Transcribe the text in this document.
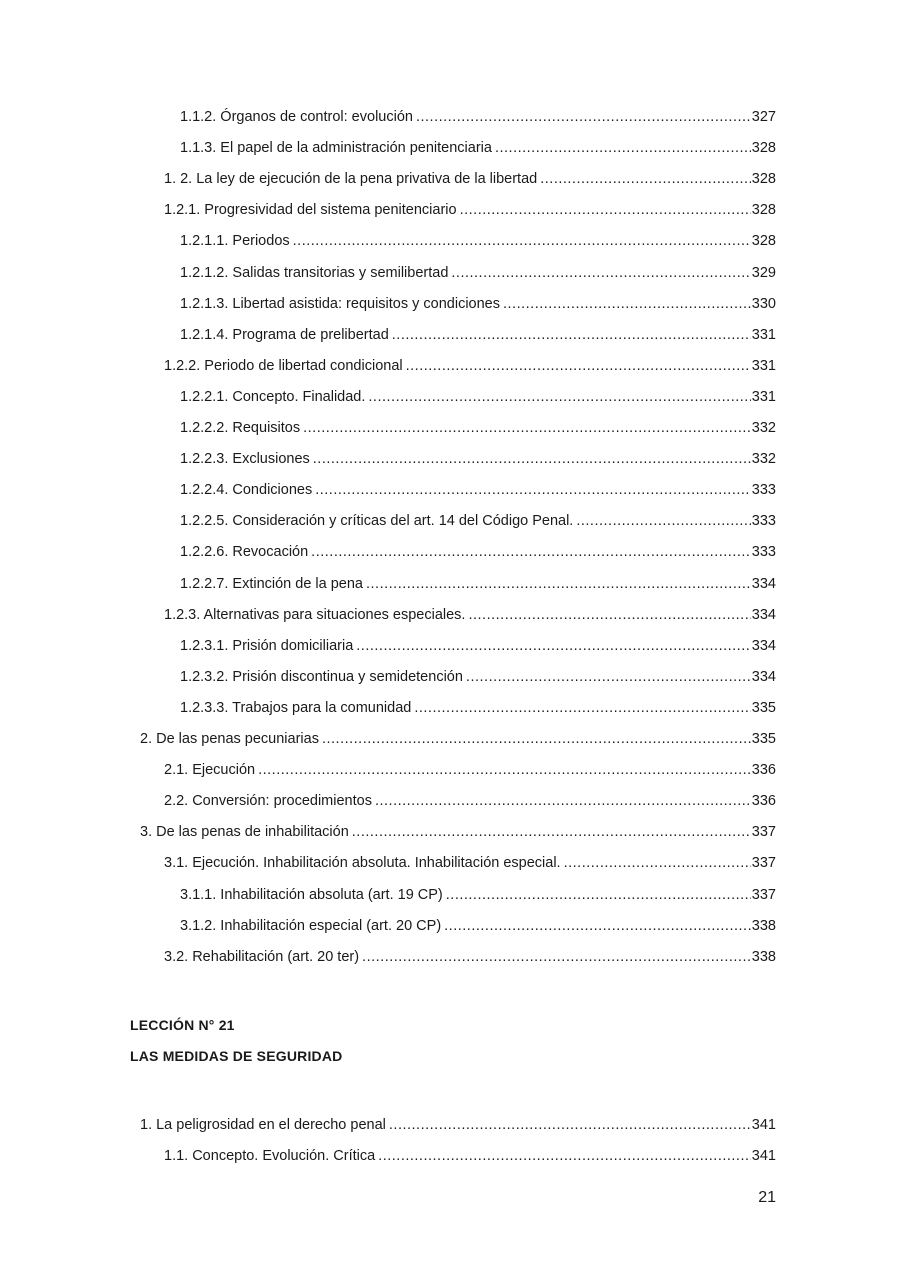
1.1.2. Órganos de control: evolución .....	327
1.1.3. El papel de la administración penitenciaria .....	328
1. 2. La ley de ejecución de la pena privativa de la libertad .....	328
1.2.1. Progresividad del sistema penitenciario .....	328
1.2.1.1. Periodos .....	328
1.2.1.2. Salidas transitorias y semilibertad .....	329
1.2.1.3. Libertad asistida: requisitos y condiciones .....	330
1.2.1.4. Programa de prelibertad .....	331
1.2.2. Periodo de libertad condicional .....	331
1.2.2.1. Concepto. Finalidad. .....	331
1.2.2.2. Requisitos .....	332
1.2.2.3. Exclusiones .....	332
1.2.2.4. Condiciones .....	333
1.2.2.5. Consideración y críticas del art. 14 del Código Penal. .....	333
1.2.2.6. Revocación .....	333
1.2.2.7. Extinción de la pena .....	334
1.2.3. Alternativas para situaciones especiales. .....	334
1.2.3.1. Prisión domiciliaria .....	334
1.2.3.2. Prisión discontinua y semidetención .....	334
1.2.3.3. Trabajos para la comunidad .....	335
2. De las penas pecuniarias .....	335
2.1. Ejecución .....	336
2.2. Conversión: procedimientos .....	336
3. De las penas de inhabilitación .....	337
3.1. Ejecución. Inhabilitación absoluta. Inhabilitación especial. .....	337
3.1.1. Inhabilitación absoluta (art. 19 CP) .....	337
3.1.2. Inhabilitación especial (art. 20 CP) .....	338
3.2. Rehabilitación (art. 20 ter) .....	338
LECCIÓN N° 21
LAS MEDIDAS DE SEGURIDAD
1. La peligrosidad en el derecho penal .....	341
1.1. Concepto. Evolución. Crítica .....	341
21
